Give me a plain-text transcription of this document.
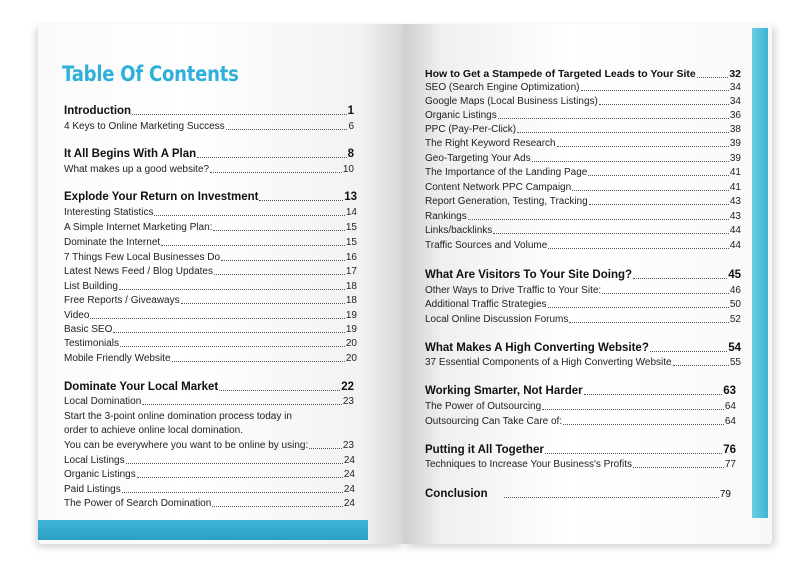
Table Of Contents
Introduction	1
4 Keys to Online Marketing Success	6
It All Begins With A Plan	8
What makes up a good website?	10
Explode Your Return on Investment	13
Interesting Statistics	14
A Simple Internet Marketing Plan:	15
Dominate the Internet	15
7 Things Few Local Businesses Do	16
Latest News Feed / Blog Updates	17
List Building	18
Free Reports / Giveaways	18
Video	19
Basic SEO	19
Testimonials	20
Mobile Friendly Website	20
Dominate Your Local Market	22
Local Domination	23
Start the 3-point online domination process today in
order to achieve online local domination.
You can be everywhere you want to be online by using:	23
Local Listings	24
Organic Listings	24
Paid Listings	24
The Power of Search Domination	24
How to Get a Stampede of Targeted Leads to Your Site	32
SEO (Search Engine Optimization)	34
Google Maps (Local Business Listings)	34
Organic Listings	36
PPC (Pay-Per-Click)	38
The Right Keyword Research	39
Geo-Targeting Your Ads	39
The Importance of the Landing Page	41
Content Network PPC Campaign	41
Report Generation, Testing, Tracking	43
Rankings	43
Links/backlinks	44
Traffic Sources and Volume	44
What Are Visitors To Your Site Doing?	45
Other Ways to Drive Traffic to Your Site:	46
Additional Traffic Strategies	50
Local Online Discussion Forums	52
What Makes A High Converting Website?	54
37 Essential Components of a High Converting Website	55
Working Smarter, Not Harder	63
The Power of Outsourcing	64
Outsourcing Can Take Care of:	64
Putting it All Together	76
Techniques to Increase Your Business's Profits	77
Conclusion	79
